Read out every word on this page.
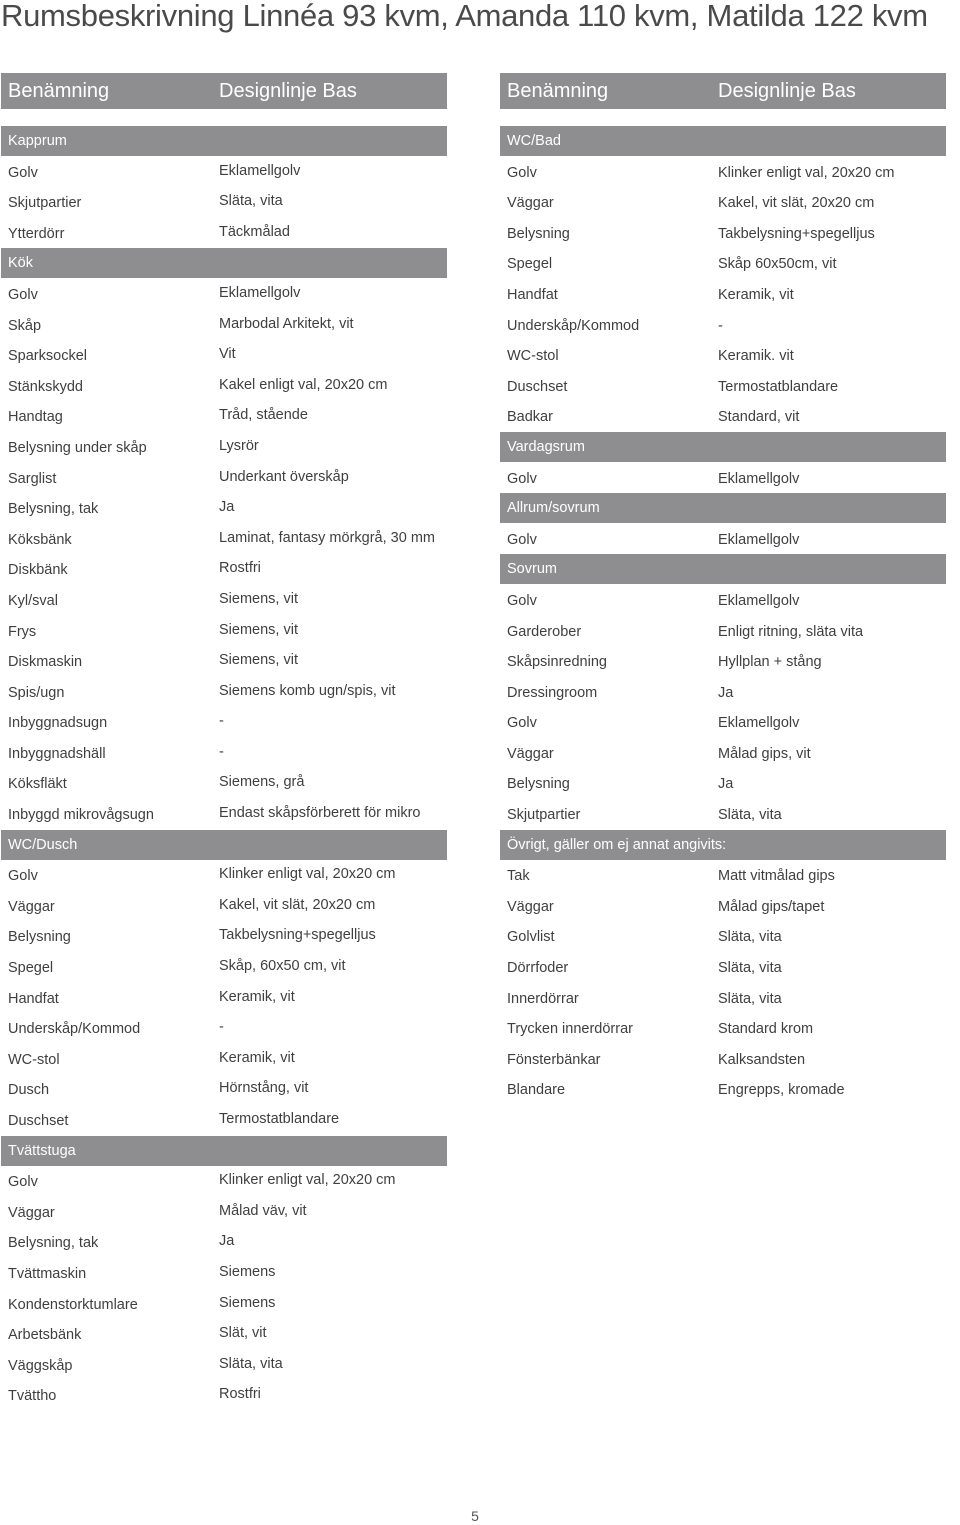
Rumsbeskrivning Linnéa 93 kvm, Amanda 110 kvm, Matilda 122 kvm
Benämning	Designlinje Bas
Kapprum
Golv	Eklamellgolv
Skjutpartier	Släta, vita
Ytterdörr	Täckmålad
Kök
Golv	Eklamellgolv
Skåp	Marbodal Arkitekt, vit
Sparksockel	Vit
Stänkskydd	Kakel enligt val, 20x20 cm
Handtag	Tråd, stående
Belysning under skåp	Lysrör
Sarglist	Underkant överskåp
Belysning, tak	Ja
Köksbänk	Laminat, fantasy mörkgrå, 30 mm
Diskbänk	Rostfri
Kyl/sval	Siemens, vit
Frys	Siemens, vit
Diskmaskin	Siemens, vit
Spis/ugn	Siemens komb ugn/spis, vit
Inbyggnadsugn	-
Inbyggnadshäll	-
Köksfläkt	Siemens, grå
Inbyggd mikrovågsugn	Endast skåpsförberett för mikro
WC/Dusch
Golv	Klinker enligt val, 20x20 cm
Väggar	Kakel, vit slät, 20x20 cm
Belysning	Takbelysning+spegelljus
Spegel	Skåp, 60x50 cm, vit
Handfat	Keramik, vit
Underskåp/Kommod	-
WC-stol	Keramik, vit
Dusch	Hörnstång, vit
Duschset	Termostatblandare
Tvättstuga
Golv	Klinker enligt val, 20x20 cm
Väggar	Målad väv, vit
Belysning, tak	Ja
Tvättmaskin	Siemens
Kondenstorktumlare	Siemens
Arbetsbänk	Slät, vit
Väggskåp	Släta, vita
Tvättho	Rostfri
Benämning	Designlinje Bas
WC/Bad
Golv	Klinker enligt val, 20x20 cm
Väggar	Kakel, vit slät, 20x20 cm
Belysning	Takbelysning+spegelljus
Spegel	Skåp 60x50cm, vit
Handfat	Keramik, vit
Underskåp/Kommod	-
WC-stol	Keramik. vit
Duschset	Termostatblandare
Badkar	Standard, vit
Vardagsrum
Golv	Eklamellgolv
Allrum/sovrum
Golv	Eklamellgolv
Sovrum
Golv	Eklamellgolv
Garderober	Enligt ritning, släta vita
Skåpsinredning	Hyllplan + stång
Dressingroom	Ja
Golv	Eklamellgolv
Väggar	Målad gips, vit
Belysning	Ja
Skjutpartier	Släta, vita
Övrigt, gäller om ej annat angivits:
Tak	Matt vitmålad gips
Väggar	Målad gips/tapet
Golvlist	Släta, vita
Dörrfoder	Släta, vita
Innerdörrar	Släta, vita
Trycken innerdörrar	Standard krom
Fönsterbänkar	Kalksandsten
Blandare	Engrepps, kromade
5
